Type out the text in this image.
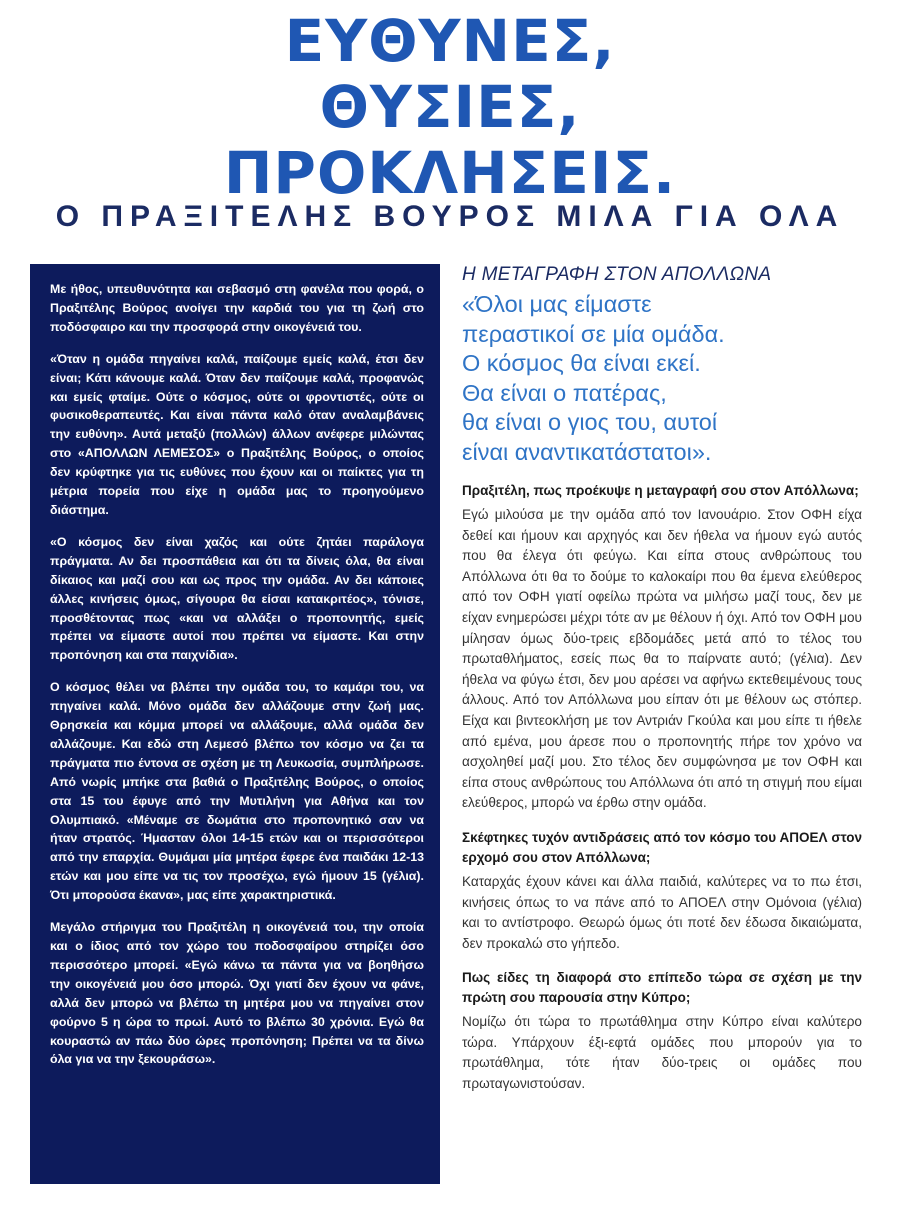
ΕΥΘΥΝΕΣ,
ΘΥΣΙΕΣ,
ΠΡΟΚΛΗΣΕΙΣ.
Ο ΠΡΑΞΙΤΕΛΗΣ ΒΟΥΡΟΣ ΜΙΛΑ ΓΙΑ ΟΛΑ

Με ήθος, υπευθυνότητα και σεβασμό στη φανέλα που φορά, ο Πραξιτέλης Βούρος ανοίγει την καρδιά του για τη ζωή στο ποδόσφαιρο και την προσφορά στην οικογένειά του.

«Όταν η ομάδα πηγαίνει καλά, παίζουμε εμείς καλά, έτσι δεν είναι; Κάτι κάνουμε καλά. Όταν δεν παίζουμε καλά, προφανώς και εμείς φταίμε. Ούτε ο κόσμος, ούτε οι φροντιστές, ούτε οι φυσικοθεραπευτές. Και είναι πάντα καλό όταν αναλαμβάνεις την ευθύνη». Αυτά μεταξύ (πολλών) άλλων ανέφερε μιλώντας στο «ΑΠΟΛΛΩΝ ΛΕΜΕΣΟΣ» ο Πραξιτέλης Βούρος, ο οποίος δεν κρύφτηκε για τις ευθύνες που έχουν και οι παίκτες για τη μέτρια πορεία που είχε η ομάδα μας το προηγούμενο διάστημα.

«Ο κόσμος δεν είναι χαζός και ούτε ζητάει παράλογα πράγματα. Αν δει προσπάθεια και ότι τα δίνεις όλα, θα είναι δίκαιος και μαζί σου και ως προς την ομάδα. Αν δει κάποιες άλλες κινήσεις όμως, σίγουρα θα είσαι κατακριτέος», τόνισε, προσθέτοντας πως «και να αλλάξει ο προπονητής, εμείς πρέπει να είμαστε αυτοί που πρέπει να είμαστε. Και στην προπόνηση και στα παιχνίδια».

Ο κόσμος θέλει να βλέπει την ομάδα του, το καμάρι του, να πηγαίνει καλά. Μόνο ομάδα δεν αλλάζουμε στην ζωή μας. Θρησκεία και κόμμα μπορεί να αλλάξουμε, αλλά ομάδα δεν αλλάζουμε. Και εδώ στη Λεμεσό βλέπω τον κόσμο να ζει τα πράγματα πιο έντονα σε σχέση με τη Λευκωσία, συμπλήρωσε. Από νωρίς μπήκε στα βαθιά ο Πραξιτέλης Βούρος, ο οποίος στα 15 του έφυγε από την Μυτιλήνη για Αθήνα και τον Ολυμπιακό. «Μέναμε σε δωμάτια στο προπονητικό σαν να ήταν στρατός. Ήμασταν όλοι 14-15 ετών και οι περισσότεροι από την επαρχία. Θυμάμαι μία μητέρα έφερε ένα παιδάκι 12-13 ετών και μου είπε να τις τον προσέχω, εγώ ήμουν 15 (γέλια). Ότι μπορούσα έκανα», μας είπε χαρακτηριστικά.

Μεγάλο στήριγμα του Πραξιτέλη η οικογένειά του, την οποία και ο ίδιος από τον χώρο του ποδοσφαίρου στηρίζει όσο περισσότερο μπορεί. «Εγώ κάνω τα πάντα για να βοηθήσω την οικογένειά μου όσο μπορώ. Όχι γιατί δεν έχουν να φάνε, αλλά δεν μπορώ να βλέπω τη μητέρα μου να πηγαίνει στον φούρνο 5 η ώρα το πρωί. Αυτό το βλέπω 30 χρόνια. Εγώ θα κουραστώ αν πάω δύο ώρες προπόνηση; Πρέπει να τα δίνω όλα για να την ξεκουράσω».

Η ΜΕΤΑΓΡΑΦΗ ΣΤΟΝ ΑΠΟΛΛΩΝΑ
«Όλοι μας είμαστε
περαστικοί σε μία ομάδα.
Ο κόσμος θα είναι εκεί.
Θα είναι ο πατέρας,
θα είναι ο γιος του, αυτοί
είναι αναντικατάστατοι».

Πραξιτέλη, πως προέκυψε η μεταγραφή σου στον Απόλλωνα;

Εγώ μιλούσα με την ομάδα από τον Ιανουάριο. Στον ΟΦΗ είχα δεθεί και ήμουν και αρχηγός και δεν ήθελα να ήμουν εγώ αυτός που θα έλεγα ότι φεύγω. Και είπα στους ανθρώπους του Απόλλωνα ότι θα το δούμε το καλοκαίρι που θα έμενα ελεύθερος από τον ΟΦΗ γιατί οφείλω πρώτα να μιλήσω μαζί τους, δεν με είχαν ενημερώσει μέχρι τότε αν με θέλουν ή όχι. Από τον ΟΦΗ μου μίλησαν όμως δύο-τρεις εβδομάδες μετά από το τέλος του πρωταθλήματος, εσείς πως θα το παίρνατε αυτό; (γέλια). Δεν ήθελα να φύγω έτσι, δεν μου αρέσει να αφήνω εκτεθειμένους τους άλλους. Από τον Απόλλωνα μου είπαν ότι με θέλουν ως στόπερ. Είχα και βιντεοκλήση με τον Αντριάν Γκούλα και μου είπε τι ήθελε από εμένα, μου άρεσε που ο προπονητής πήρε τον χρόνο να ασχοληθεί μαζί μου. Στο τέλος δεν συμφώνησα με τον ΟΦΗ και είπα στους ανθρώπους του Απόλλωνα ότι από τη στιγμή που είμαι ελεύθερος, μπορώ να έρθω στην ομάδα.

Σκέφτηκες τυχόν αντιδράσεις από τον κόσμο του ΑΠΟΕΛ στον ερχομό σου στον Απόλλωνα;

Καταρχάς έχουν κάνει και άλλα παιδιά, καλύτερες να το πω έτσι, κινήσεις όπως το να πάνε από το ΑΠΟΕΛ στην Ομόνοια (γέλια) και το αντίστροφο. Θεωρώ όμως ότι ποτέ δεν έδωσα δικαιώματα, δεν προκαλώ στο γήπεδο.

Πως είδες τη διαφορά στο επίπεδο τώρα σε σχέση με την πρώτη σου παρουσία στην Κύπρο;

Νομίζω ότι τώρα το πρωτάθλημα στην Κύπρο είναι καλύτερο τώρα. Υπάρχουν έξι-εφτά ομάδες που μπορούν για το πρωτάθλημα, τότε ήταν δύο-τρεις οι ομάδες που πρωταγωνιστούσαν.
